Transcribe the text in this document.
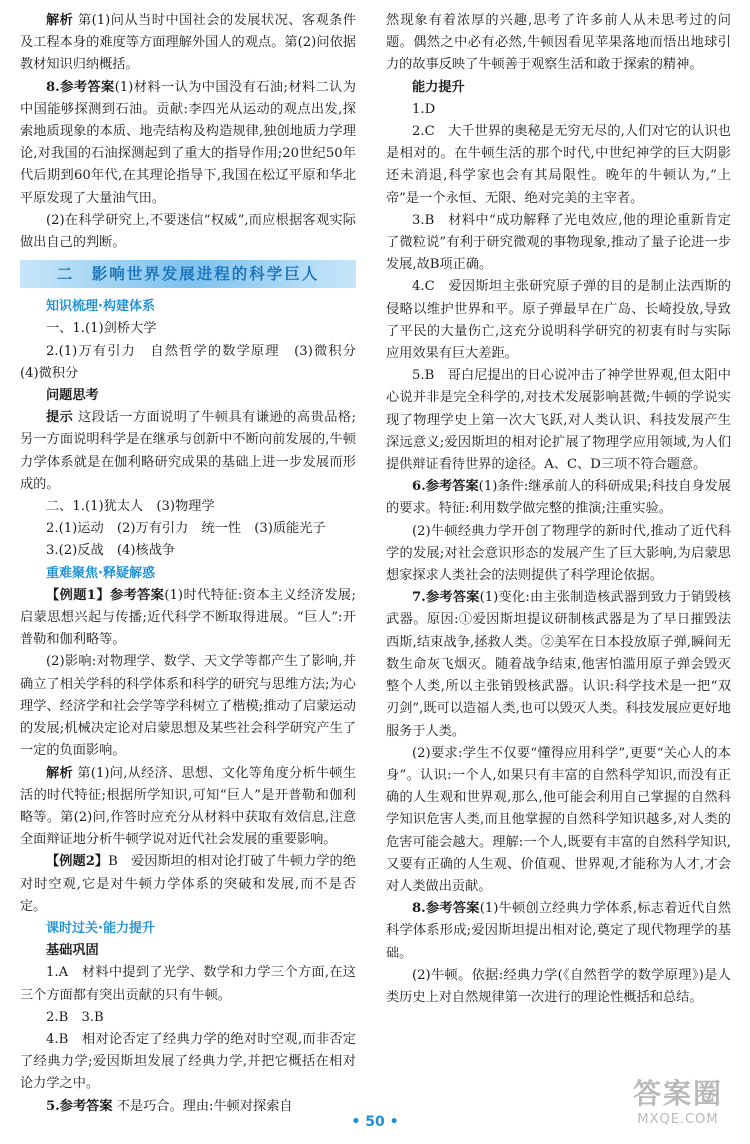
解析 第(1)问从当时中国社会的发展状况、客观条件及工程本身的难度等方面理解外国人的观点。第(2)问依据教材知识归纳概括。

8.参考答案(1)材料一认为中国没有石油;材料二认为中国能够探测到石油。贡献:李四光从运动的观点出发,探索地质现象的本质、地壳结构及构造规律,独创地质力学理论,对我国的石油探测起到了重大的指导作用;20世纪50年代后期到60年代,在其理论指导下,我国在松辽平原和华北平原发现了大量油气田。

(2)在科学研究上,不要迷信“权威”,而应根据客观实际做出自己的判断。

二　影响世界发展进程的科学巨人

知识梳理·构建体系

一、1.(1)剑桥大学

2.(1)万有引力　自然哲学的数学原理　(3)微积分　(4)微积分

问题思考

提示 这段话一方面说明了牛顿具有谦逊的高贵品格;另一方面说明科学是在继承与创新中不断向前发展的,牛顿力学体系就是在伽利略研究成果的基础上进一步发展而形成的。

二、1.(1)犹太人　(3)物理学

2.(1)运动　(2)万有引力　统一性　(3)质能光子

3.(2)反战　(4)核战争

重难聚焦·释疑解惑

【例题1】参考答案(1)时代特征:资本主义经济发展;启蒙思想兴起与传播;近代科学不断取得进展。“巨人”:开普勒和伽利略等。

(2)影响:对物理学、数学、天文学等都产生了影响,并确立了相关学科的科学体系和科学的研究与思维方法;为心理学、经济学和社会学等学科树立了楷模;推动了启蒙运动的发展;机械决定论对启蒙思想及某些社会科学研究产生了一定的负面影响。

解析 第(1)问,从经济、思想、文化等角度分析牛顿生活的时代特征;根据所学知识,可知“巨人”是开普勒和伽利略等。第(2)问,作答时应充分从材料中获取有效信息,注意全面辩证地分析牛顿学说对近代社会发展的重要影响。

【例题2】B　爱因斯坦的相对论打破了牛顿力学的绝对时空观,它是对牛顿力学体系的突破和发展,而不是否定。

课时过关·能力提升

基础巩固

1.A　材料中提到了光学、数学和力学三个方面,在这三个方面都有突出贡献的只有牛顿。

2.B　3.B

4.B　相对论否定了经典力学的绝对时空观,而非否定了经典力学;爱因斯坦发展了经典力学,并把它概括在相对论力学之中。

5.参考答案 不是巧合。理由:牛顿对探索自

然现象有着浓厚的兴趣,思考了许多前人从未思考过的问题。偶然之中必有必然,牛顿因看见苹果落地而悟出地球引力的故事反映了牛顿善于观察生活和敢于探索的精神。

能力提升

1.D

2.C　大千世界的奥秘是无穷无尽的,人们对它的认识也是相对的。在牛顿生活的那个时代,中世纪神学的巨大阴影还未消退,科学家也会有其局限性。晚年的牛顿认为,“上帝”是一个永恒、无限、绝对完美的主宰者。

3.B　材料中“成功解释了光电效应,他的理论重新肯定了微粒说”有利于研究微观的事物现象,推动了量子论进一步发展,故B项正确。

4.C　爱因斯坦主张研究原子弹的目的是制止法西斯的侵略以维护世界和平。原子弹最早在广岛、长崎投放,导致了平民的大量伤亡,这充分说明科学研究的初衷有时与实际应用效果有巨大差距。

5.B　哥白尼提出的日心说冲击了神学世界观,但太阳中心说并非是完全科学的,对技术发展影响甚微;牛顿的学说实现了物理学史上第一次大飞跃,对人类认识、科技发展产生深远意义;爱因斯坦的相对论扩展了物理学应用领域,为人们提供辩证看待世界的途径。A、C、D三项不符合题意。

6.参考答案(1)条件:继承前人的科研成果;科技自身发展的要求。特征:利用数学做完整的推演;注重实验。

(2)牛顿经典力学开创了物理学的新时代,推动了近代科学的发展;对社会意识形态的发展产生了巨大影响,为启蒙思想家探求人类社会的法则提供了科学理论依据。

7.参考答案(1)变化:由主张制造核武器到致力于销毁核武器。原因:①爱因斯坦提议研制核武器是为了早日摧毁法西斯,结束战争,拯救人类。②美军在日本投放原子弹,瞬间无数生命灰飞烟灭。随着战争结束,他害怕滥用原子弹会毁灭整个人类,所以主张销毁核武器。认识:科学技术是一把“双刃剑”,既可以造福人类,也可以毁灭人类。科技发展应更好地服务于人类。

(2)要求:学生不仅要“懂得应用科学”,更要“关心人的本身”。认识:一个人,如果只有丰富的自然科学知识,而没有正确的人生观和世界观,那么,他可能会利用自己掌握的自然科学知识危害人类,而且他掌握的自然科学知识越多,对人类的危害可能会越大。理解:一个人,既要有丰富的自然科学知识,又要有正确的人生观、价值观、世界观,才能称为人才,才会对人类做出贡献。

8.参考答案(1)牛顿创立经典力学体系,标志着近代自然科学体系形成;爱因斯坦提出相对论,奠定了现代物理学的基础。

(2)牛顿。依据:经典力学(《自然哲学的数学原理》)是人类历史上对自然规律第一次进行的理论性概括和总结。

• 50 •
答案圈
MXQE.COM
